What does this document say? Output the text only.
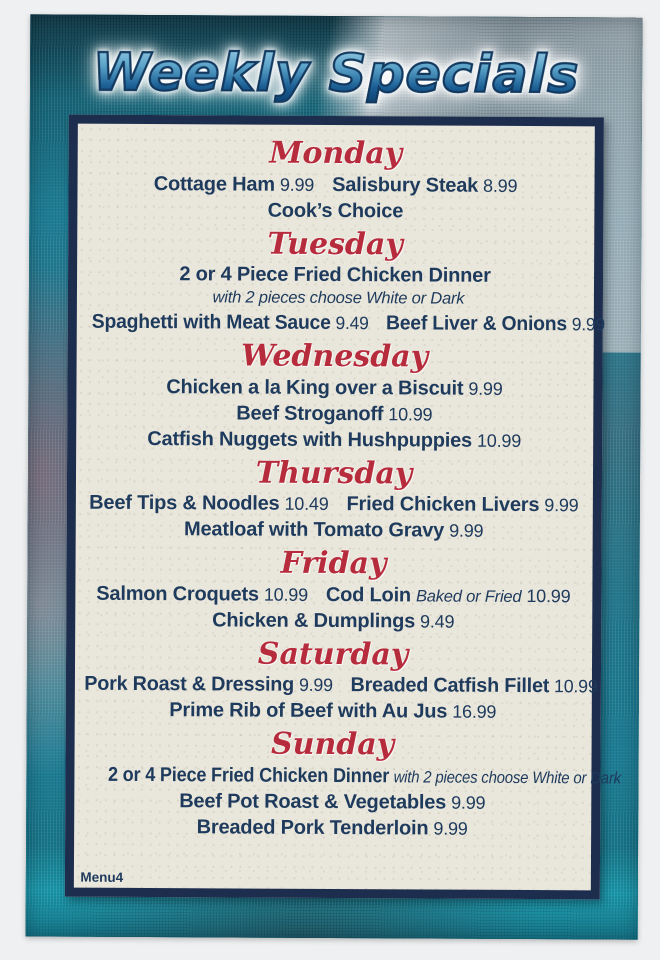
Weekly Specials
Monday
Cottage Ham 9.99 Salisbury Steak 8.99
Cook’s Choice
Tuesday
2 or 4 Piece Fried Chicken Dinner
with 2 pieces choose White or Dark
Spaghetti with Meat Sauce 9.49 Beef Liver & Onions 9.99
Wednesday
Chicken a la King over a Biscuit 9.99
Beef Stroganoff 10.99
Catfish Nuggets with Hushpuppies 10.99
Thursday
Beef Tips & Noodles 10.49 Fried Chicken Livers 9.99
Meatloaf with Tomato Gravy 9.99
Friday
Salmon Croquets 10.99 Cod Loin Baked or Fried 10.99
Chicken & Dumplings 9.49
Saturday
Pork Roast & Dressing 9.99 Breaded Catfish Fillet 10.99
Prime Rib of Beef with Au Jus 16.99
Sunday
2 or 4 Piece Fried Chicken Dinner with 2 pieces choose White or Dark
Beef Pot Roast & Vegetables 9.99
Breaded Pork Tenderloin 9.99
Menu4
